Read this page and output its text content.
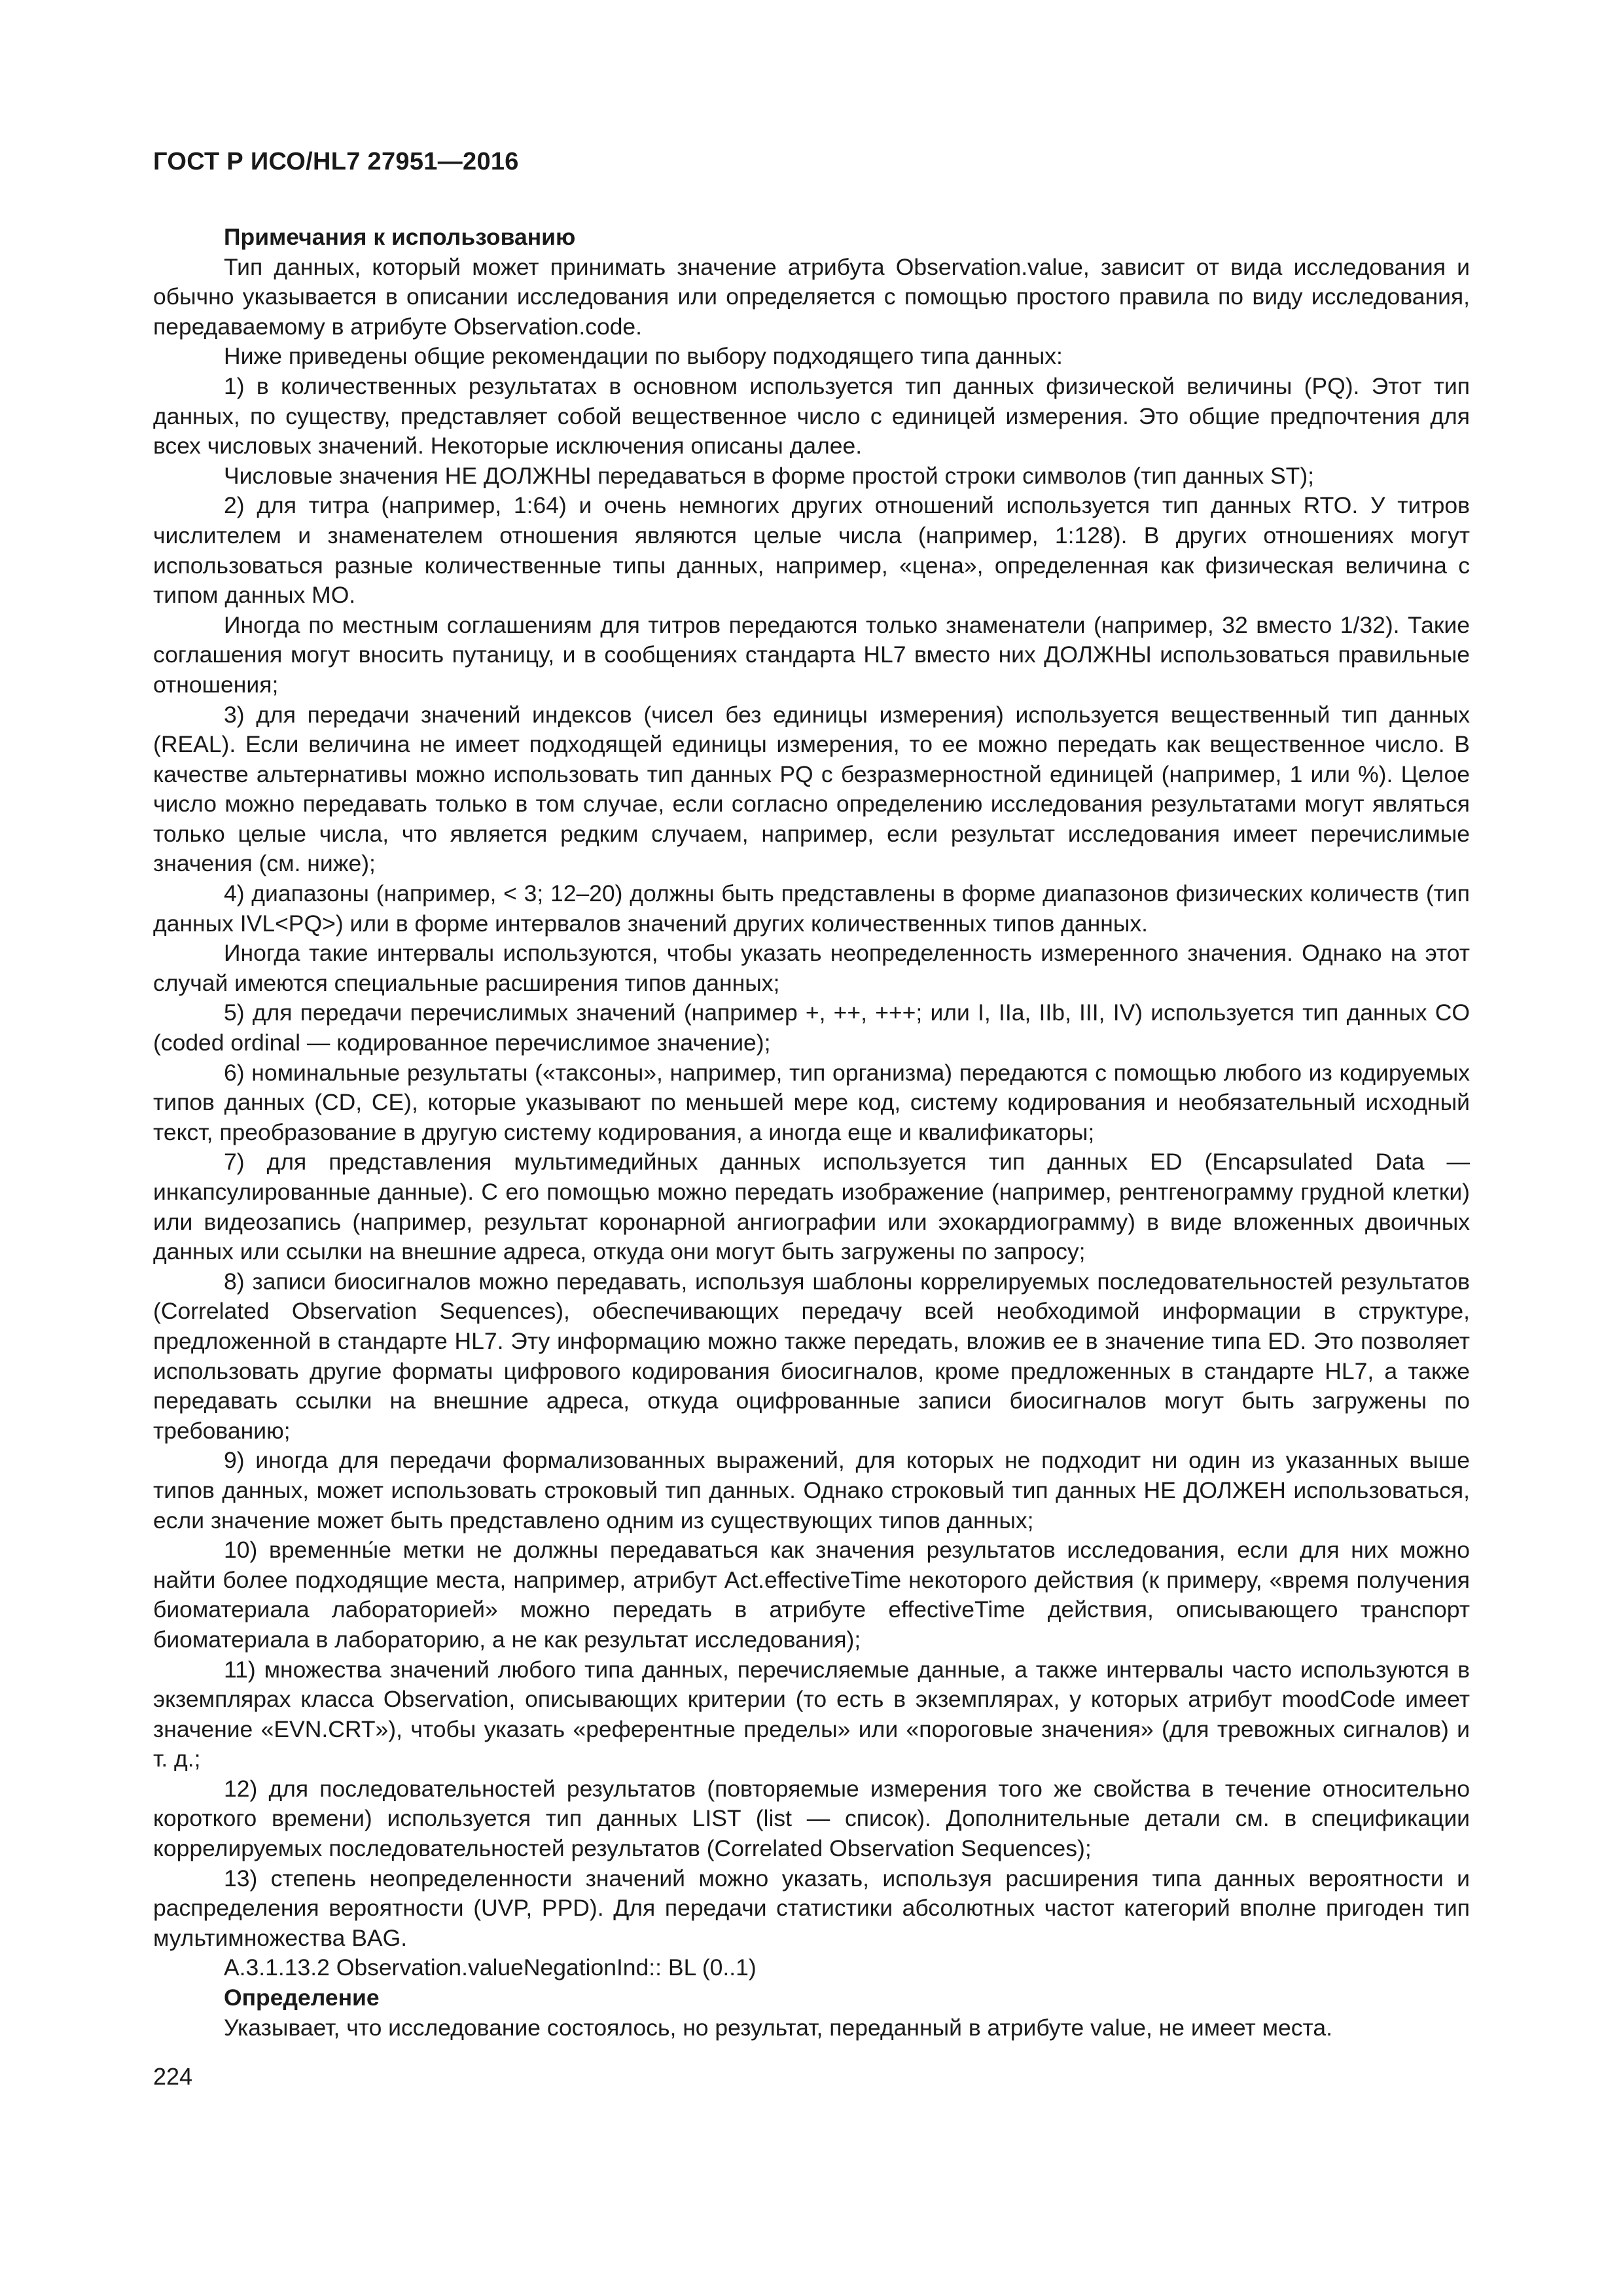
ГОСТ Р ИСО/HL7 27951—2016

Примечания к использованию

Тип данных, который может принимать значение атрибута Observation.value, зависит от вида исследования и обычно указывается в описании исследования или определяется с помощью простого правила по виду исследования, передаваемому в атрибуте Observation.code.

Ниже приведены общие рекомендации по выбору подходящего типа данных:

1) в количественных результатах в основном используется тип данных физической величины (PQ). Этот тип данных, по существу, представляет собой вещественное число с единицей измерения. Это общие предпочтения для всех числовых значений. Некоторые исключения описаны далее.

Числовые значения НЕ ДОЛЖНЫ передаваться в форме простой строки символов (тип данных ST);

2) для титра (например, 1:64) и очень немногих других отношений используется тип данных RTO. У титров числителем и знаменателем отношения являются целые числа (например, 1:128). В других отношениях могут использоваться разные количественные типы данных, например, «цена», определенная как физическая величина с типом данных MO.

Иногда по местным соглашениям для титров передаются только знаменатели (например, 32 вместо 1/32). Такие соглашения могут вносить путаницу, и в сообщениях стандарта HL7 вместо них ДОЛЖНЫ использоваться правильные отношения;

3) для передачи значений индексов (чисел без единицы измерения) используется вещественный тип данных (REAL). Если величина не имеет подходящей единицы измерения, то ее можно передать как вещественное число. В качестве альтернативы можно использовать тип данных PQ с безразмерностной единицей (например, 1 или %). Целое число можно передавать только в том случае, если согласно определению исследования результатами могут являться только целые числа, что является редким случаем, например, если результат исследования имеет перечислимые значения (см. ниже);

4) диапазоны (например, < 3; 12–20) должны быть представлены в форме диапазонов физических количеств (тип данных IVL<PQ>) или в форме интервалов значений других количественных типов данных.

Иногда такие интервалы используются, чтобы указать неопределенность измеренного значения. Однако на этот случай имеются специальные расширения типов данных;

5) для передачи перечислимых значений (например +, ++, +++; или I, IIa, IIb, III, IV) используется тип данных CO (coded ordinal — кодированное перечислимое значение);

6) номинальные результаты («таксоны», например, тип организма) передаются с помощью любого из кодируемых типов данных (CD, CE), которые указывают по меньшей мере код, систему кодирования и необязательный исходный текст, преобразование в другую систему кодирования, а иногда еще и квалификаторы;

7) для представления мультимедийных данных используется тип данных ED (Encapsulated Data — инкапсулированные данные). С его помощью можно передать изображение (например, рентгенограмму грудной клетки) или видеозапись (например, результат коронарной ангиографии или эхокардиограмму) в виде вложенных двоичных данных или ссылки на внешние адреса, откуда они могут быть загружены по запросу;

8) записи биосигналов можно передавать, используя шаблоны коррелируемых последовательностей результатов (Correlated Observation Sequences), обеспечивающих передачу всей необходимой информации в структуре, предложенной в стандарте HL7. Эту информацию можно также передать, вложив ее в значение типа ED. Это позволяет использовать другие форматы цифрового кодирования биосигналов, кроме предложенных в стандарте HL7, а также передавать ссылки на внешние адреса, откуда оцифрованные записи биосигналов могут быть загружены по требованию;

9) иногда для передачи формализованных выражений, для которых не подходит ни один из указанных выше типов данных, может использовать строковый тип данных. Однако строковый тип данных НЕ ДОЛЖЕН использоваться, если значение может быть представлено одним из существующих типов данных;

10) временны́е метки не должны передаваться как значения результатов исследования, если для них можно найти более подходящие места, например, атрибут Act.effectiveTime некоторого действия (к примеру, «время получения биоматериала лабораторией» можно передать в атрибуте effectiveTime действия, описывающего транспорт биоматериала в лабораторию, а не как результат исследования);

11) множества значений любого типа данных, перечисляемые данные, а также интервалы часто используются в экземплярах класса Observation, описывающих критерии (то есть в экземплярах, у которых атрибут moodCode имеет значение «EVN.CRT»), чтобы указать «референтные пределы» или «пороговые значения» (для тревожных сигналов) и т. д.;

12) для последовательностей результатов (повторяемые измерения того же свойства в течение относительно короткого времени) используется тип данных LIST (list — список). Дополнительные детали см. в спецификации коррелируемых последовательностей результатов (Correlated Observation Sequences);

13) степень неопределенности значений можно указать, используя расширения типа данных вероятности и распределения вероятности (UVP, PPD). Для передачи статистики абсолютных частот категорий вполне пригоден тип мультимножества BAG.

A.3.1.13.2 Observation.valueNegationInd:: BL (0..1)

Определение

Указывает, что исследование состоялось, но результат, переданный в атрибуте value, не имеет места.

224
